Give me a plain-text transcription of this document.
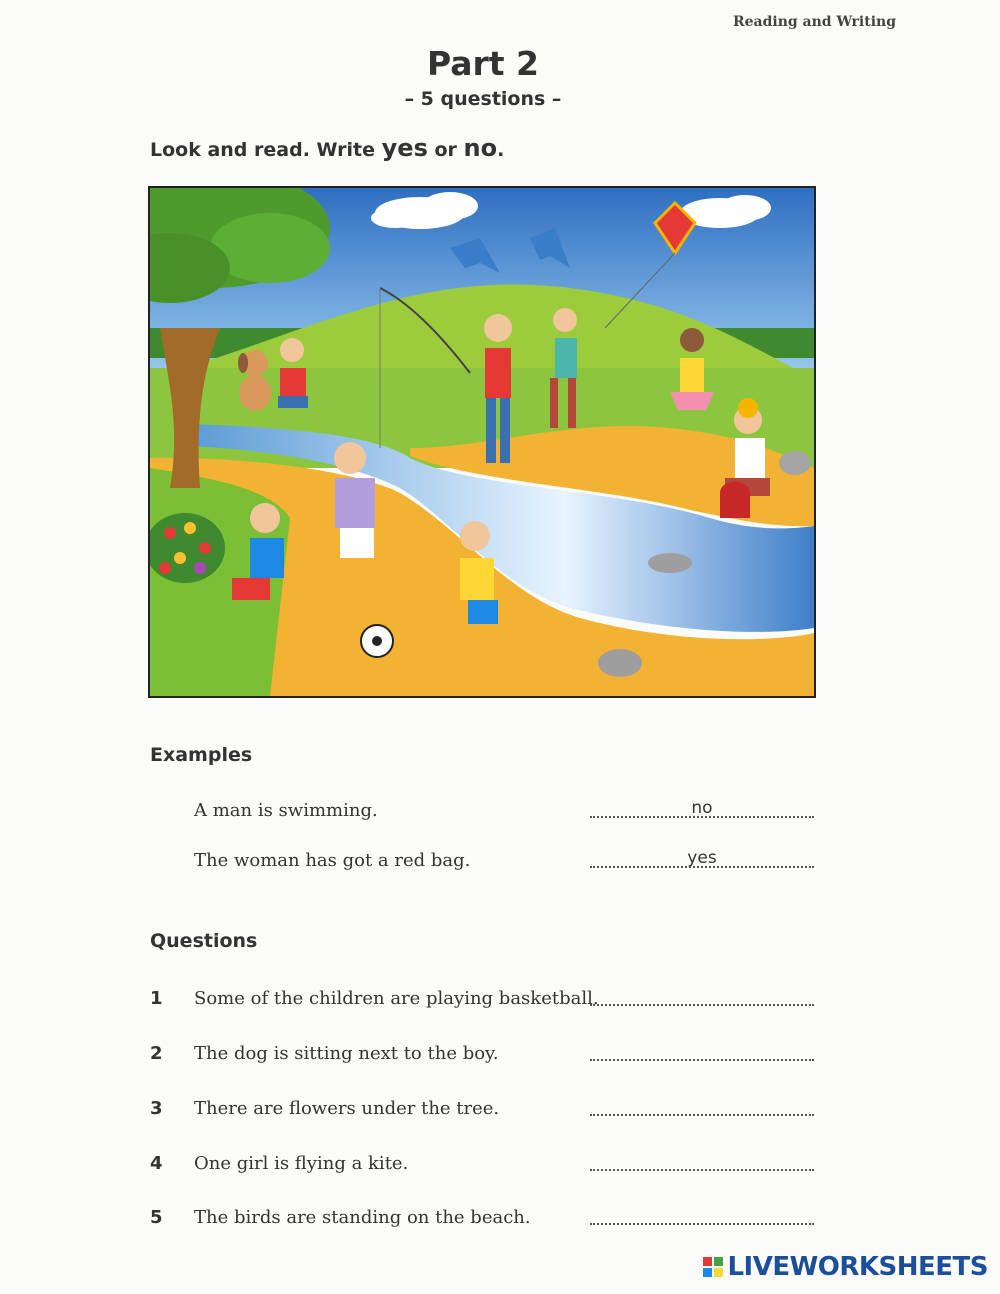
Reading and Writing
Part 2
– 5 questions –
Look and read. Write yes or no.
Examples
A man is swimming.	no
The woman has got a red bag.	yes
Questions
1 Some of the children are playing basketball.
2 The dog is sitting next to the boy.
3 There are flowers under the tree.
4 One girl is flying a kite.
5 The birds are standing on the beach.
LIVEWORKSHEETS
